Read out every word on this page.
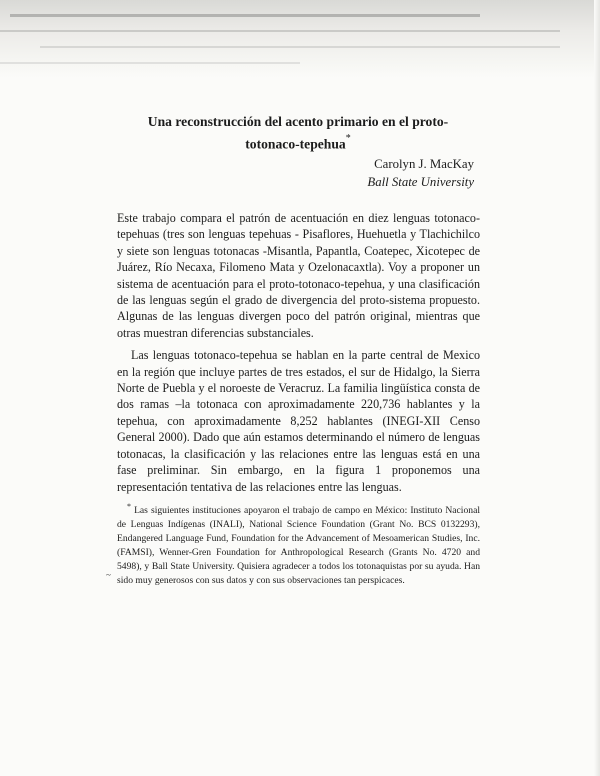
Una reconstrucción del acento primario en el proto-
totonaco-tepehua*
Carolyn J. MacKay
Ball State University

Este trabajo compara el patrón de acentuación en diez lenguas totonaco-tepehuas (tres son lenguas tepehuas - Pisaflores, Huehuetla y Tlachichilco y siete son lenguas totonacas -Misantla, Papantla, Coatepec, Xicotepec de Juárez, Río Necaxa, Filomeno Mata y Ozelonacaxtla). Voy a proponer un sistema de acentuación para el proto-totonaco-tepehua, y una clasificación de las lenguas según el grado de divergencia del proto-sistema propuesto. Algunas de las lenguas divergen poco del patrón original, mientras que otras muestran diferencias substanciales.

Las lenguas totonaco-tepehua se hablan en la parte central de Mexico en la región que incluye partes de tres estados, el sur de Hidalgo, la Sierra Norte de Puebla y el noroeste de Veracruz. La familia lingüística consta de dos ramas –la totonaca con aproximadamente 220,736 hablantes y la tepehua, con aproximadamente 8,252 hablantes (INEGI-XII Censo General 2000). Dado que aún estamos determinando el número de lenguas totonacas, la clasificación y las relaciones entre las lenguas está en una fase preliminar. Sin embargo, en la figura 1 proponemos una representación tentativa de las relaciones entre las lenguas.

* Las siguientes instituciones apoyaron el trabajo de campo en México: Instituto Nacional de Lenguas Indígenas (INALI), National Science Foundation (Grant No. BCS 0132293), Endangered Language Fund, Foundation for the Advancement of Mesoamerican Studies, Inc. (FAMSI), Wenner-Gren Foundation for Anthropological Research (Grants No. 4720 and 5498), y Ball State University. Quisiera agradecer a todos los totonaquistas por su ayuda. Han sido muy generosos con sus datos y con sus observaciones tan perspicaces.
~
